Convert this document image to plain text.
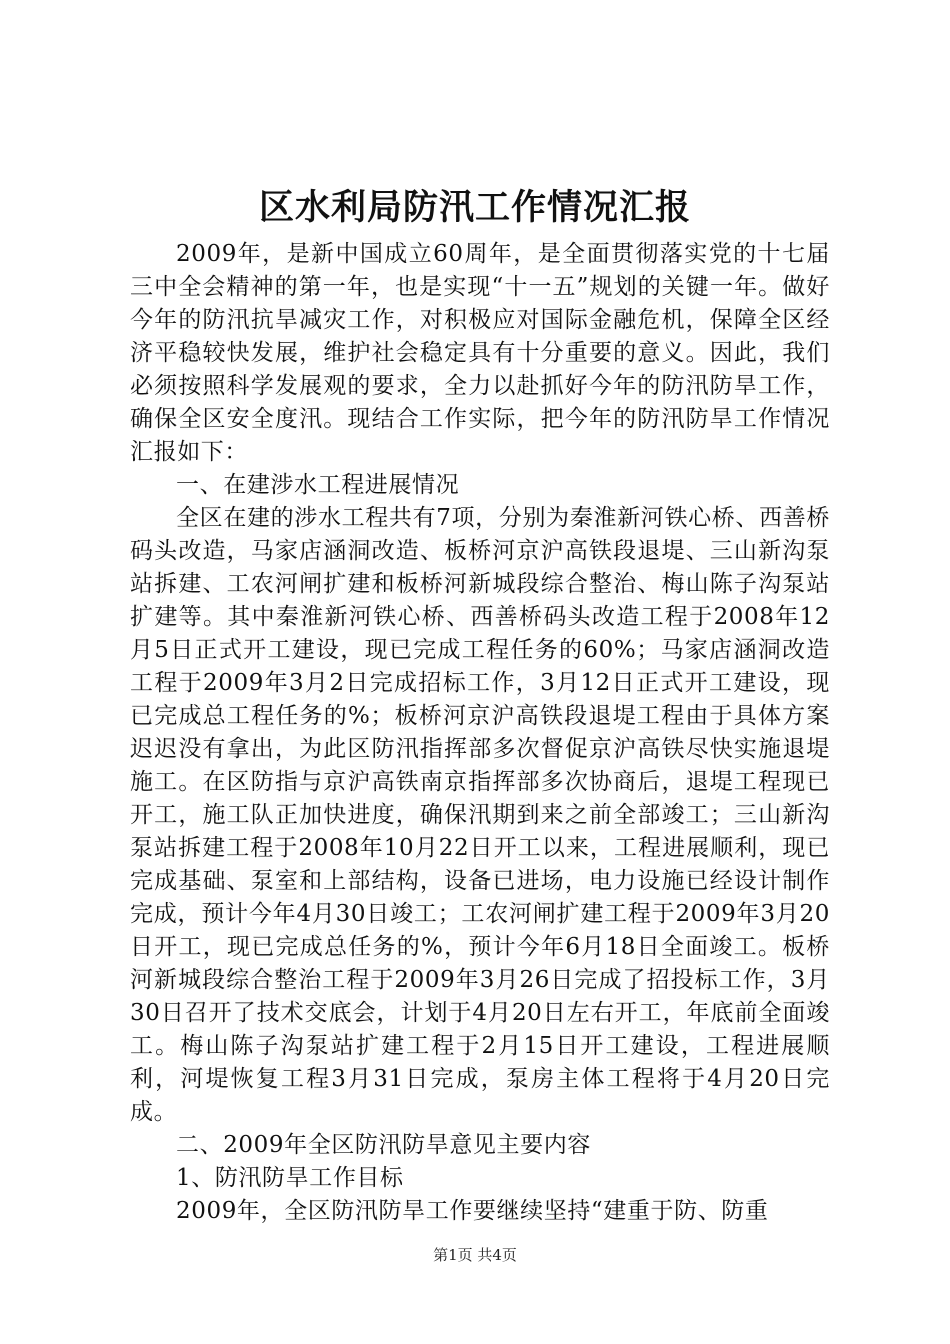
区水利局防汛工作情况汇报

2009年，是新中国成立60周年，是全面贯彻落实党的十七届三中全会精神的第一年，也是实现“十一五”规划的关键一年。做好今年的防汛抗旱减灾工作，对积极应对国际金融危机，保障全区经济平稳较快发展，维护社会稳定具有十分重要的意义。因此，我们必须按照科学发展观的要求，全力以赴抓好今年的防汛防旱工作，确保全区安全度汛。现结合工作实际，把今年的防汛防旱工作情况汇报如下：

一、在建涉水工程进展情况

全区在建的涉水工程共有7项，分别为秦淮新河铁心桥、西善桥码头改造，马家店涵洞改造、板桥河京沪高铁段退堤、三山新沟泵站拆建、工农河闸扩建和板桥河新城段综合整治、梅山陈子沟泵站扩建等。其中秦淮新河铁心桥、西善桥码头改造工程于2008年12月5日正式开工建设，现已完成工程任务的60%；马家店涵洞改造工程于2009年3月2日完成招标工作，3月12日正式开工建设，现已完成总工程任务的%；板桥河京沪高铁段退堤工程由于具体方案迟迟没有拿出，为此区防汛指挥部多次督促京沪高铁尽快实施退堤施工。在区防指与京沪高铁南京指挥部多次协商后，退堤工程现已开工，施工队正加快进度，确保汛期到来之前全部竣工；三山新沟泵站拆建工程于2008年10月22日开工以来，工程进展顺利，现已完成基础、泵室和上部结构，设备已进场，电力设施已经设计制作完成，预计今年4月30日竣工；工农河闸扩建工程于2009年3月20日开工，现已完成总任务的%，预计今年6月18日全面竣工。板桥河新城段综合整治工程于2009年3月26日完成了招投标工作，3月30日召开了技术交底会，计划于4月20日左右开工，年底前全面竣工。梅山陈子沟泵站扩建工程于2月15日开工建设，工程进展顺利，河堤恢复工程3月31日完成，泵房主体工程将于4月20日完成。

二、2009年全区防汛防旱意见主要内容

1、防汛防旱工作目标

2009年，全区防汛防旱工作要继续坚持“建重于防、防重

第1页 共4页
